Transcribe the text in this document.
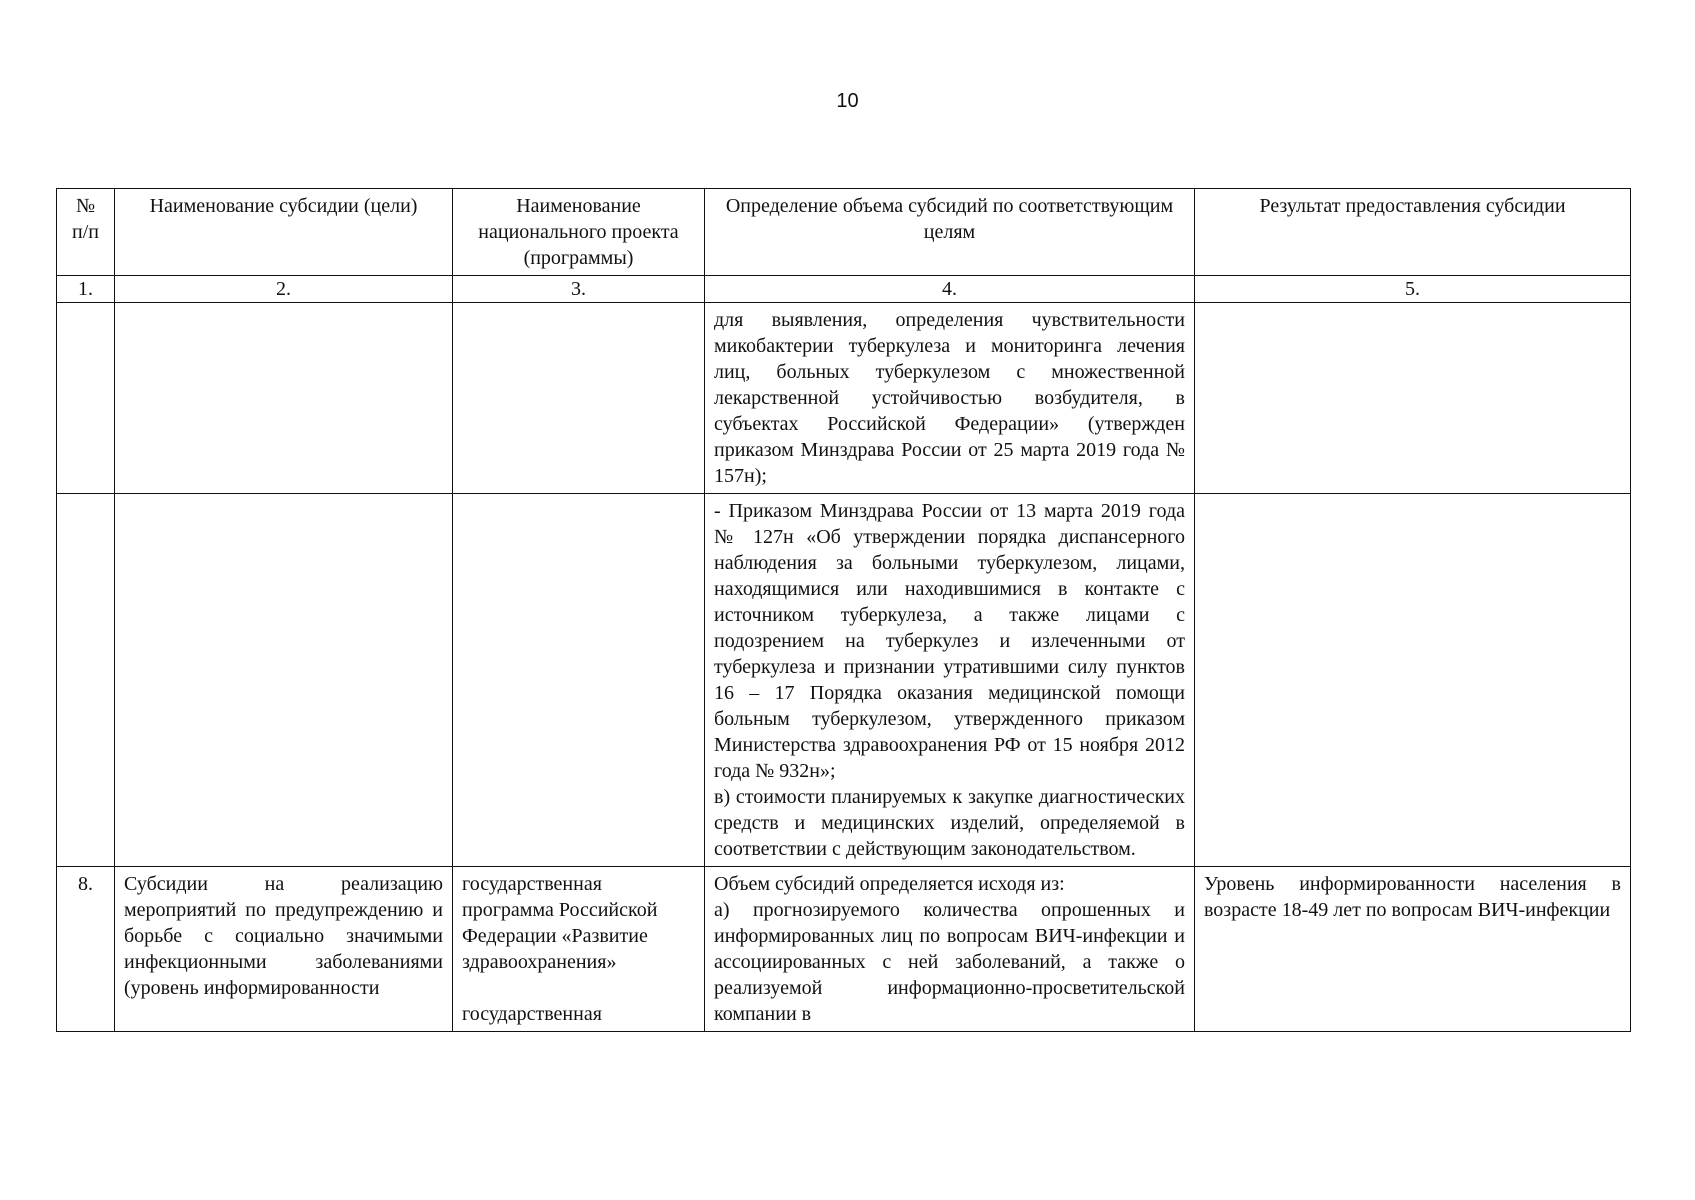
10
№ п/п	Наименование субсидии (цели)	Наименование национального проекта (программы)	Определение объема субсидий по соответствующим целям	Результат предоставления субсидии
1.	2.	3.	4.	5.
			для выявления, определения чувствительности микобактерии туберкулеза и мониторинга лечения лиц, больных туберкулезом с множественной лекарственной устойчивостью возбудителя, в субъектах Российской Федерации» (утвержден приказом Минздрава России от 25 марта 2019 года № 157н);	

			- Приказом Минздрава России от 13 марта 2019 года № 127н «Об утверждении порядка диспансерного наблюдения за больными туберкулезом, лицами, находящимися или находившимися в контакте с источником туберкулеза, а также лицами с подозрением на туберкулез и излеченными от туберкулеза и признании утратившими силу пунктов 16 – 17 Порядка оказания медицинской помощи больным туберкулезом, утвержденного приказом Министерства здравоохранения РФ от 15 ноября 2012 года № 932н»;
в) стоимости планируемых к закупке диагностических средств и медицинских изделий, определяемой в соответствии с действующим законодательством.	

8.	Субсидии на реализацию мероприятий по предупреждению и борьбе с социально значимыми инфекционными заболеваниями (уровень информированности	государственная программа Российской Федерации «Развитие здравоохранения»
государственная	Объем субсидий определяется исходя из:
а) прогнозируемого количества опрошенных и информированных лиц по вопросам ВИЧ-инфекции и ассоциированных с ней заболеваний, а также о реализуемой информационно-просветительской компании в	Уровень информированности населения в возрасте 18-49 лет по вопросам ВИЧ-инфекции
